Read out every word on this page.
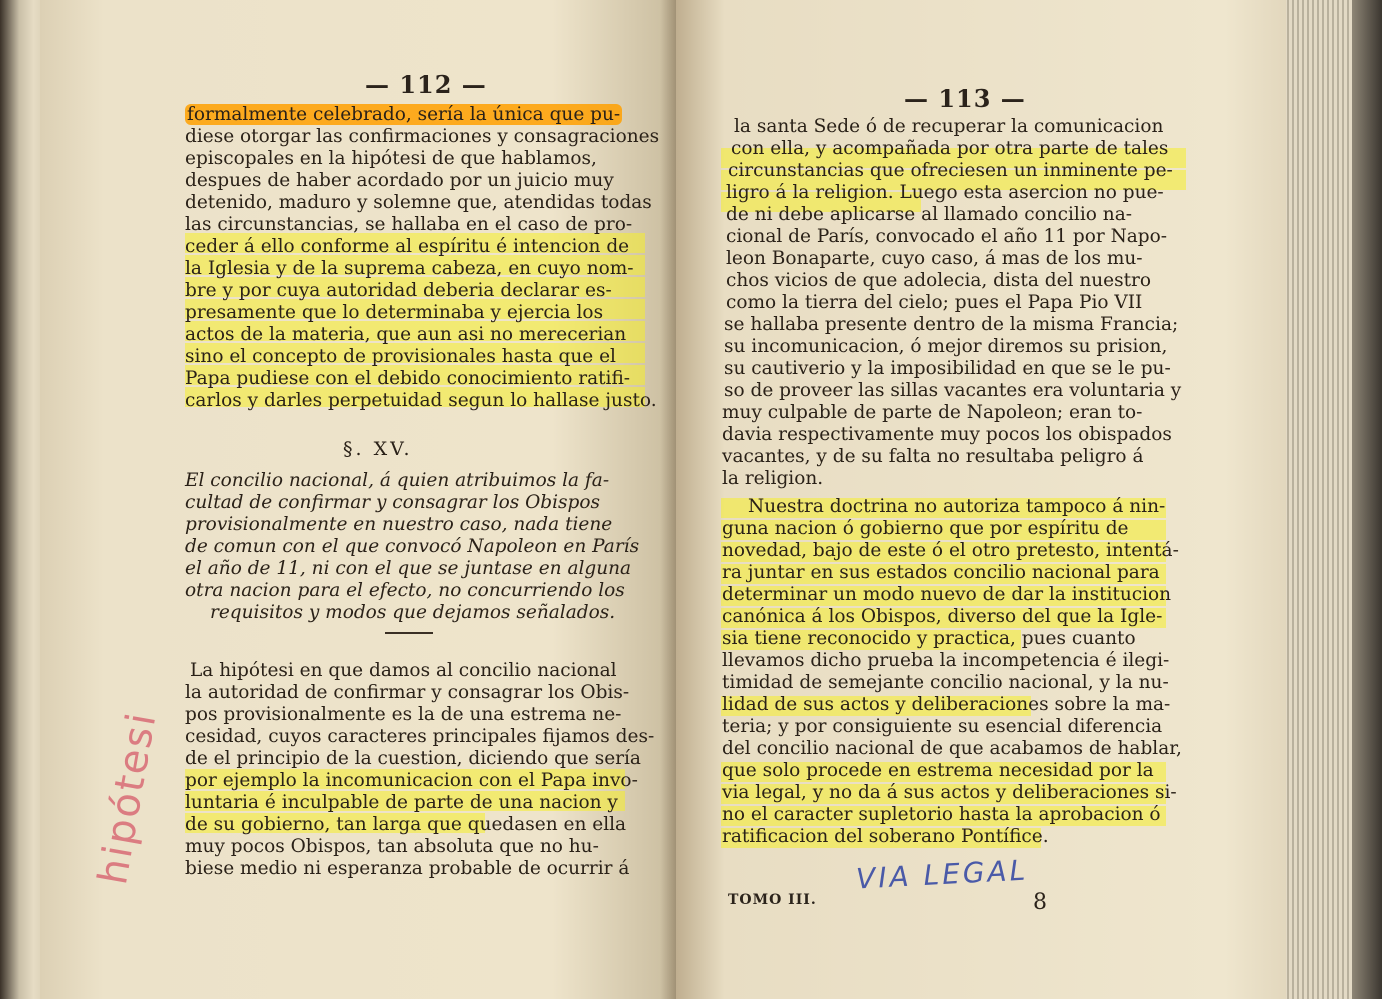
— 112 —
formalmente celebrado, sería la única que pu-
diese otorgar las confirmaciones y consagraciones
episcopales en la hipótesi de que hablamos,
despues de haber acordado por un juicio muy
detenido, maduro y solemne que, atendidas todas
las circunstancias, se hallaba en el caso de pro-
ceder á ello conforme al espíritu é intencion de
la Iglesia y de la suprema cabeza, en cuyo nom-
bre y por cuya autoridad deberia declarar es-
presamente que lo determinaba y ejercia los
actos de la materia, que aun asi no merecerian
sino el concepto de provisionales hasta que el
Papa pudiese con el debido conocimiento ratifi-
carlos y darles perpetuidad segun lo hallase justo.
§. XV.
El concilio nacional, á quien atribuimos la fa-
cultad de confirmar y consagrar los Obispos
provisionalmente en nuestro caso, nada tiene
de comun con el que convocó Napoleon en París
el año de 11, ni con el que se juntase en alguna
otra nacion para el efecto, no concurriendo los
requisitos y modos que dejamos señalados.
La hipótesi en que damos al concilio nacional
la autoridad de confirmar y consagrar los Obis-
pos provisionalmente es la de una estrema ne-
cesidad, cuyos caracteres principales fijamos des-
de el principio de la cuestion, diciendo que sería
por ejemplo la incomunicacion con el Papa invo-
luntaria é inculpable de parte de una nacion y
de su gobierno, tan larga que quedasen en ella
muy pocos Obispos, tan absoluta que no hu-
biese medio ni esperanza probable de ocurrir á
hipótesi
— 113 —
la santa Sede ó de recuperar la comunicacion
con ella, y acompañada por otra parte de tales
circunstancias que ofreciesen un inminente pe-
ligro á la religion. Luego esta asercion no pue-
de ni debe aplicarse al llamado concilio na-
cional de París, convocado el año 11 por Napo-
leon Bonaparte, cuyo caso, á mas de los mu-
chos vicios de que adolecia, dista del nuestro
como la tierra del cielo; pues el Papa Pio VII
se hallaba presente dentro de la misma Francia;
su incomunicacion, ó mejor diremos su prision,
su cautiverio y la imposibilidad en que se le pu-
so de proveer las sillas vacantes era voluntaria y
muy culpable de parte de Napoleon; eran to-
davia respectivamente muy pocos los obispados
vacantes, y de su falta no resultaba peligro á
la religion.
Nuestra doctrina no autoriza tampoco á nin-
guna nacion ó gobierno que por espíritu de
novedad, bajo de este ó el otro pretesto, intentá-
ra juntar en sus estados concilio nacional para
determinar un modo nuevo de dar la institucion
canónica á los Obispos, diverso del que la Igle-
sia tiene reconocido y practica, pues cuanto
llevamos dicho prueba la incompetencia é ilegi-
timidad de semejante concilio nacional, y la nu-
lidad de sus actos y deliberaciones sobre la ma-
teria; y por consiguiente su esencial diferencia
del concilio nacional de que acabamos de hablar,
que solo procede en estrema necesidad por la
via legal, y no da á sus actos y deliberaciones si-
no el caracter supletorio hasta la aprobacion ó
ratificacion del soberano Pontífice.
VIA LEGAL
TOMO III.	8
